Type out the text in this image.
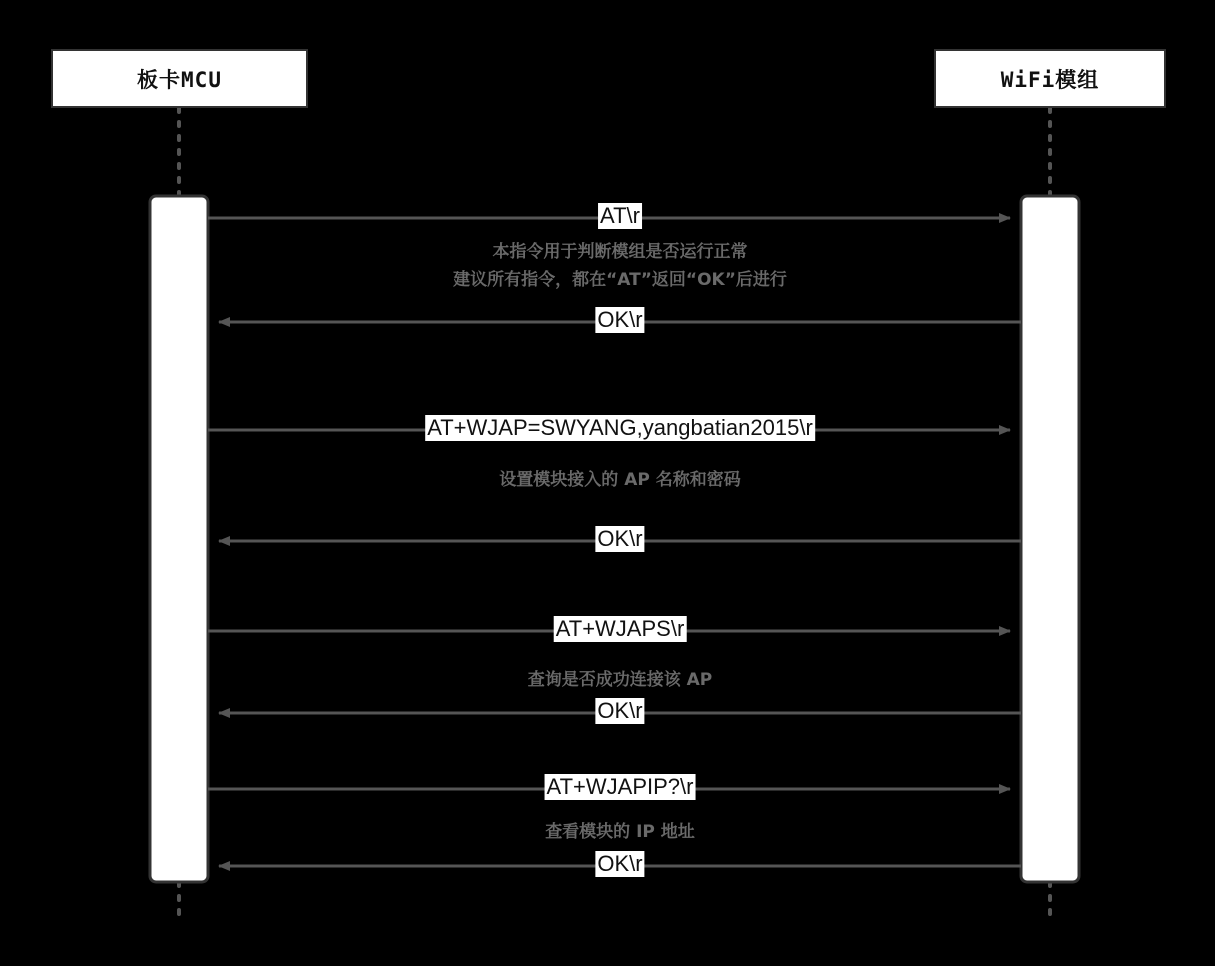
板卡MCU	WiFi模组
AT\r
OK\r
AT+WJAP=SWYANG,yangbatian2015\r
OK\r
AT+WJAPS\r
OK\r
AT+WJAPIP?\r
OK\r
本指令用于判断模组是否运行正常
建议所有指令，都在“AT”返回“OK”后进行
设置模块接入的 AP 名称和密码
查询是否成功连接该 AP
查看模块的 IP 地址
